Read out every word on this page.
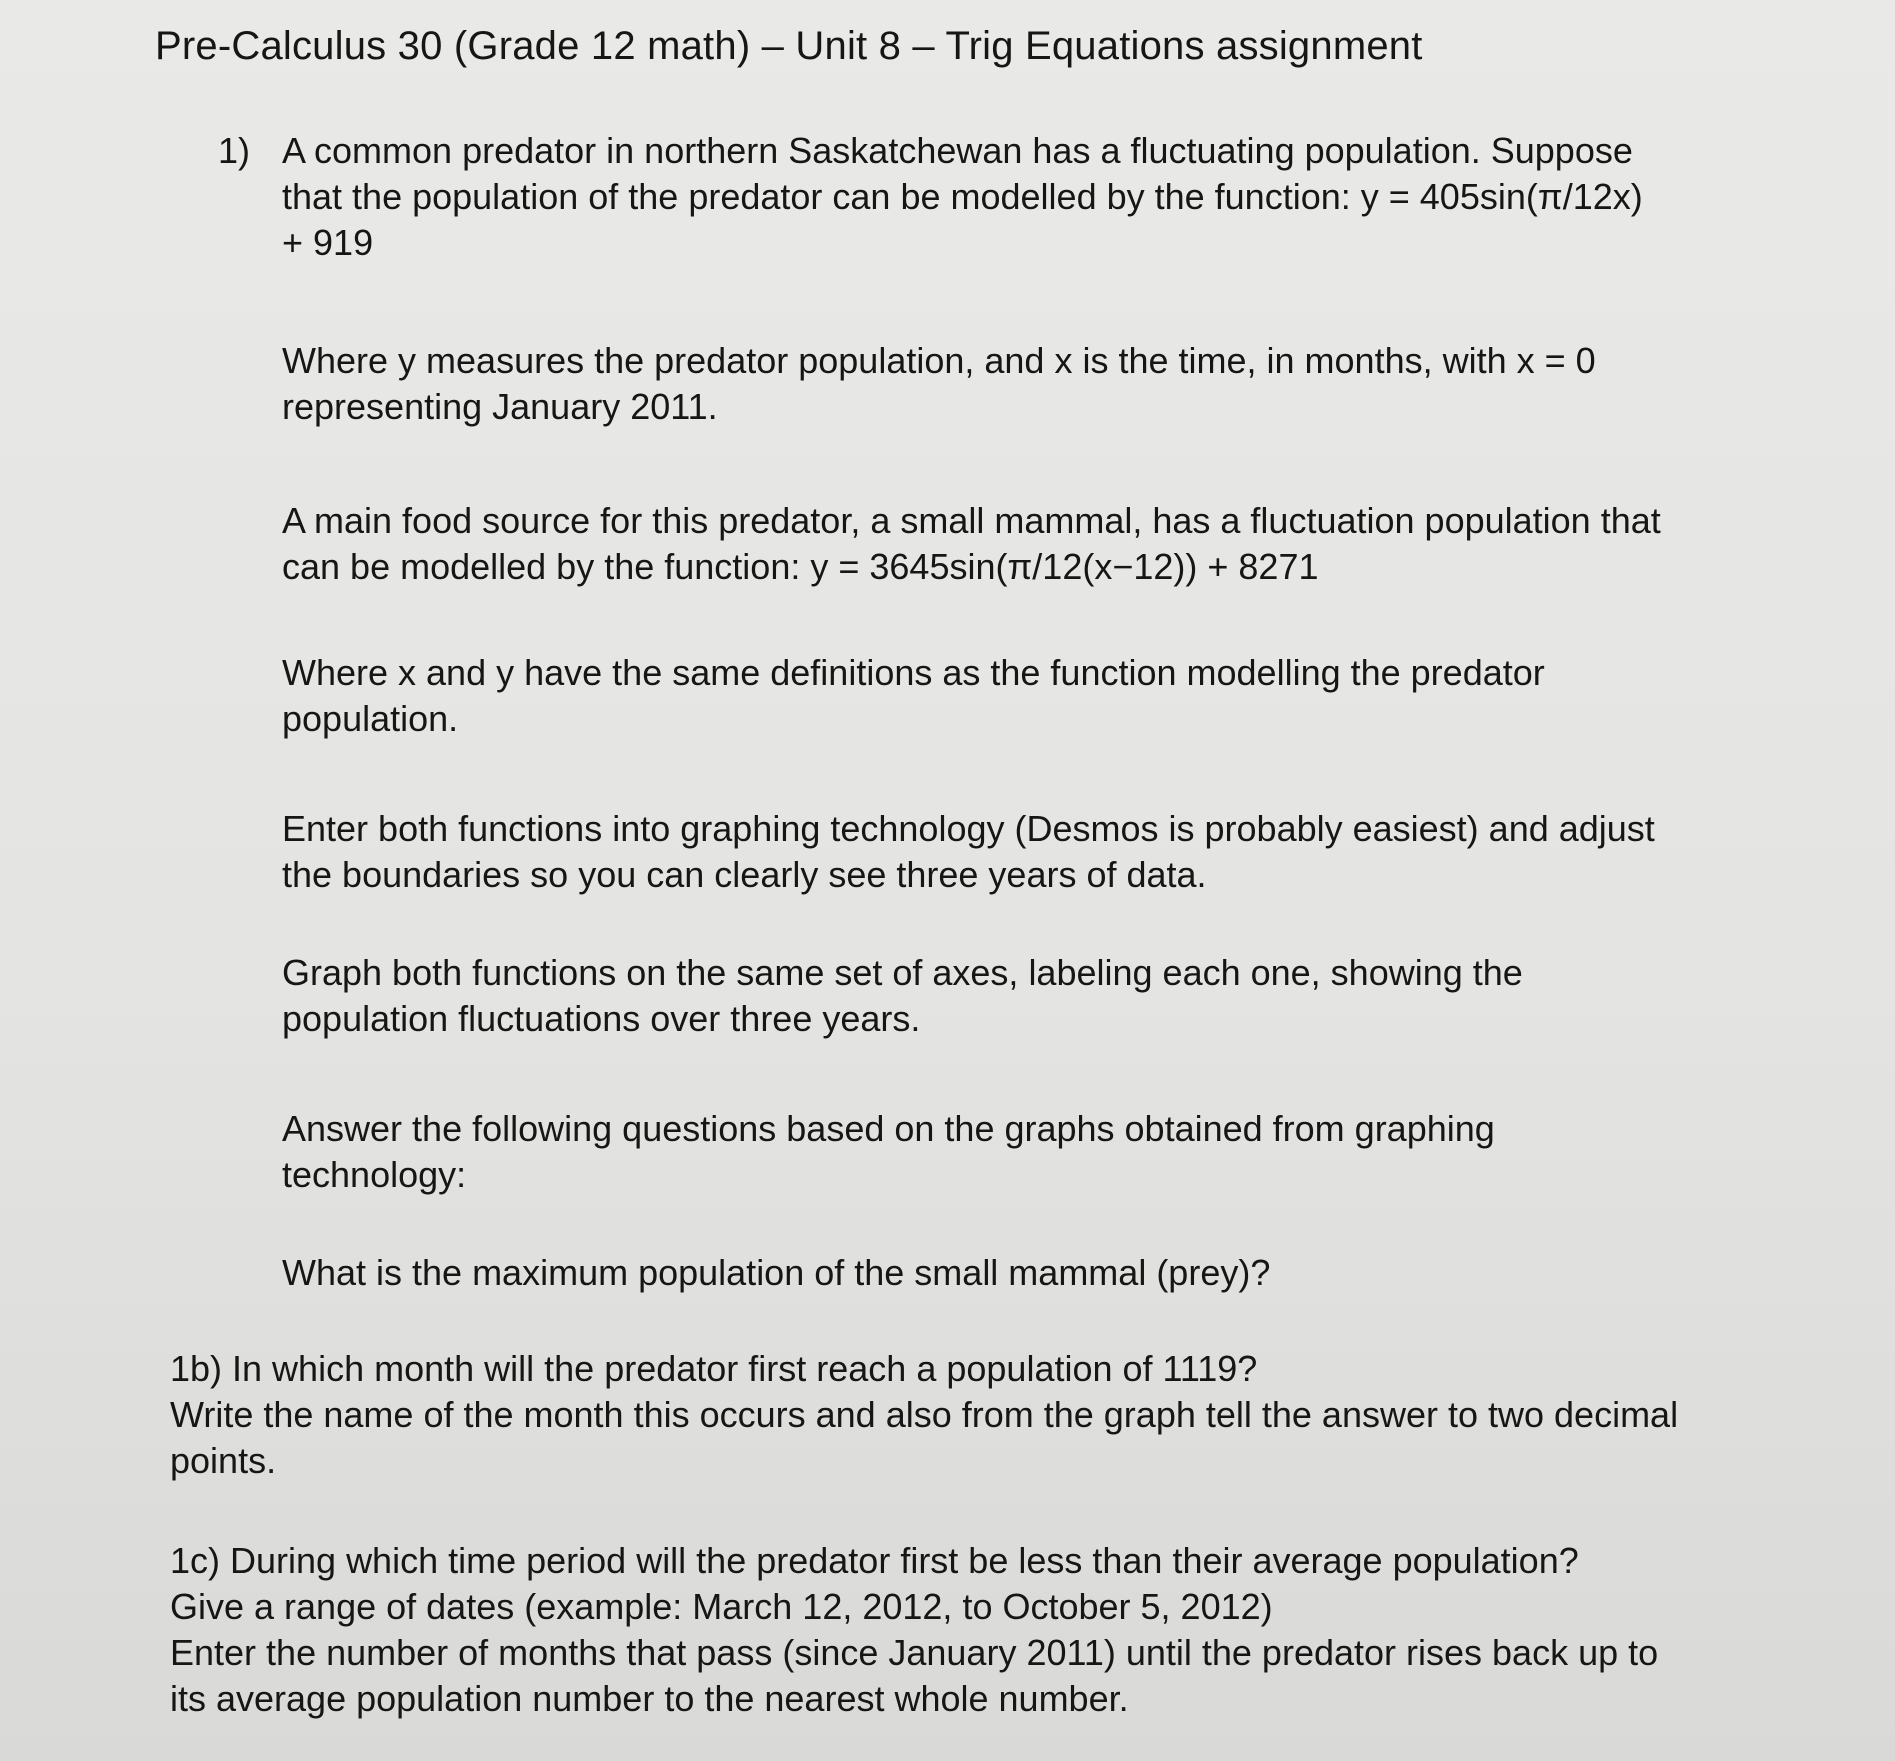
Pre-Calculus 30 (Grade 12 math) – Unit 8 – Trig Equations assignment
1) A common predator in northern Saskatchewan has a fluctuating population. Suppose
that the population of the predator can be modelled by the function: y = 405sin(π/12x)
+ 919
Where y measures the predator population, and x is the time, in months, with x = 0
representing January 2011.
A main food source for this predator, a small mammal, has a fluctuation population that
can be modelled by the function: y = 3645sin(π/12(x−12)) + 8271
Where x and y have the same definitions as the function modelling the predator
population.
Enter both functions into graphing technology (Desmos is probably easiest) and adjust
the boundaries so you can clearly see three years of data.
Graph both functions on the same set of axes, labeling each one, showing the
population fluctuations over three years.
Answer the following questions based on the graphs obtained from graphing
technology:
What is the maximum population of the small mammal (prey)?
1b) In which month will the predator first reach a population of 1119?
Write the name of the month this occurs and also from the graph tell the answer to two decimal
points.
1c) During which time period will the predator first be less than their average population?
Give a range of dates (example: March 12, 2012, to October 5, 2012)
Enter the number of months that pass (since January 2011) until the predator rises back up to
its average population number to the nearest whole number.
